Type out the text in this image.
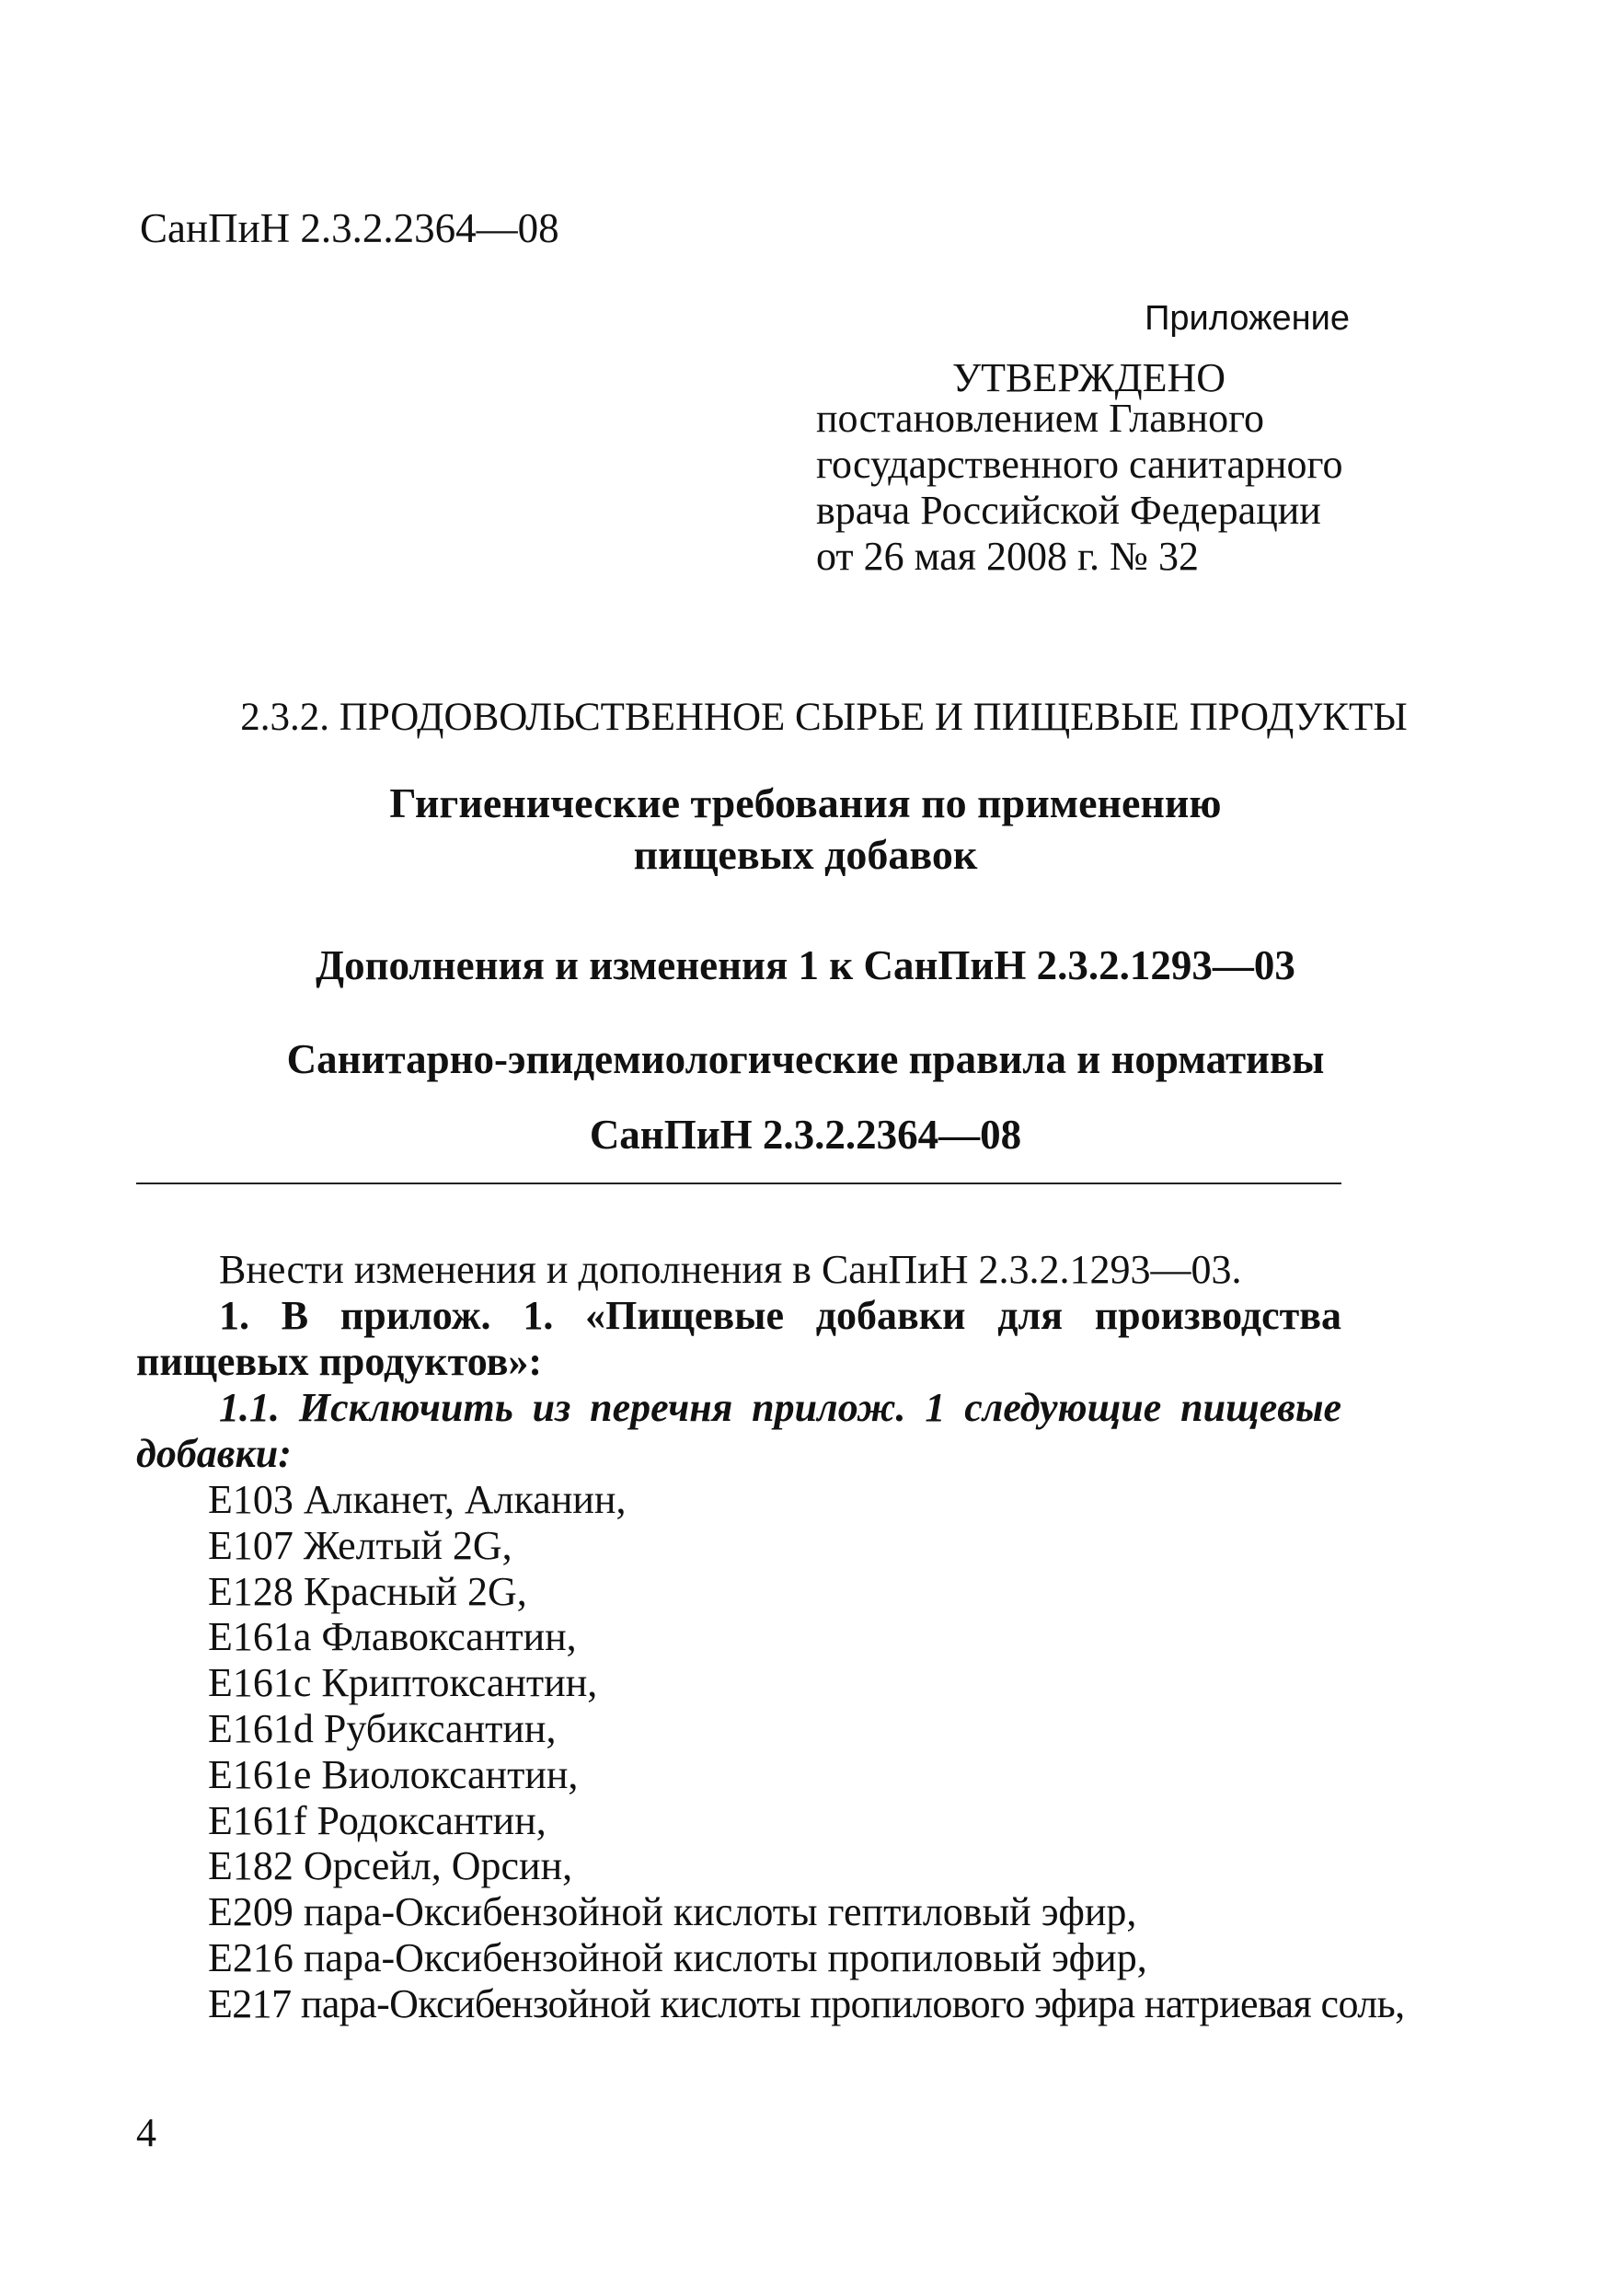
СанПиН 2.3.2.2364—08
Приложение
УТВЕРЖДЕНО
постановлением Главного
государственного санитарного
врача Российской Федерации
от 26 мая 2008 г. № 32
2.3.2. ПРОДОВОЛЬСТВЕННОЕ СЫРЬЕ И ПИЩЕВЫЕ ПРОДУКТЫ
Гигиенические требования по применению
пищевых добавок
Дополнения и изменения 1 к СанПиН 2.3.2.1293—03
Санитарно-эпидемиологические правила и нормативы
СанПиН 2.3.2.2364—08
Внести изменения и дополнения в СанПиН 2.3.2.1293—03.
1. В прилож. 1. «Пищевые добавки для производства пищевых продуктов»:
1.1. Исключить из перечня прилож. 1 следующие пищевые добавки:
Е103 Алканет, Алканин,
Е107 Желтый 2G,
Е128 Красный 2G,
Е161а Флавоксантин,
Е161с Криптоксантин,
Е161d Рубиксантин,
Е161е Виолоксантин,
Е161f Родоксантин,
Е182 Орсейл, Орсин,
Е209 пара-Оксибензойной кислоты гептиловый эфир,
Е216 пара-Оксибензойной кислоты пропиловый эфир,
Е217 пара-Оксибензойной кислоты пропилового эфира натриевая соль,
4
